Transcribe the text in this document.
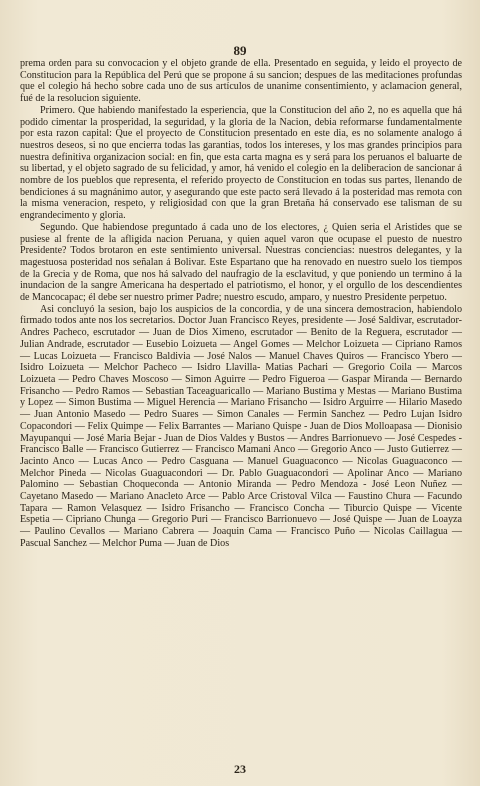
89

prema orden para su convocacion y el objeto grande de ella. Presentado en seguida, y leido el proyecto de Constitucion para la República del Perú que se propone á su sancion; despues de las meditaciones profundas que el colegio há hecho sobre cada uno de sus artículos de unanime consentimiento, y aclamacion general, fué de la resolucion siguiente.

Primero. Que habiendo manifestado la esperiencia, que la Constitucion del año 2, no es aquella que há podido cimentar la prosperidad, la seguridad, y la gloria de la Nacion, debia reformarse fundamentalmente por esta razon capital: Que el proyecto de Constitucion presentado en este dia, es no solamente analogo á nuestros deseos, si no que encierra todas las garantias, todos los intereses, y los mas grandes principios para nuestra definitiva organizacion social: en fin, que esta carta magna es y será para los peruanos el baluarte de su libertad, y el objeto sagrado de su felicidad, y amor, há venido el colegio en la deliberacion de sancionar á nombre de los pueblos que representa, el referido proyecto de Constitucion en todas sus partes, llenando de bendiciones á su magnánimo autor, y asegurando que este pacto será llevado á la posteridad mas remota con la misma veneracion, respeto, y religiosidad con que la gran Bretaña há conservado ese talisman de su engrandecimento y gloria.

Segundo. Que habiendose preguntado á cada uno de los electores, ¿ Quien seria el Aristides que se pusiese al frente de la afligida nacion Peruana, y quien aquel varon que ocupase el puesto de nuestro Presidente? Todos brotaron en este sentimiento universal. Nuestras conciencias: nuestros delegantes, y la magestuosa posteridad nos señalan á Bolivar. Este Espartano que ha renovado en nuestro suelo los tiempos de la Grecia y de Roma, que nos há salvado del naufragio de la esclavitud, y que poniendo un termino á la inundacion de la sangre Americana ha despertado el patriotismo, el honor, y el orgullo de los descendientes de Mancocapac; él debe ser nuestro primer Padre; nuestro escudo, amparo, y nuestro Presidente perpetuo.

Asi concluyó la sesion, bajo los auspicios de la concordia, y de una sincera demostracion, habiendolo firmado todos ante nos los secretarios. Doctor Juan Francisco Reyes, presidente — José Saldivar, escrutador- Andres Pacheco, escrutador — Juan de Dios Ximeno, escrutador — Benito de la Reguera, escrutador — Julian Andrade, escrutador — Eusebio Loizueta — Angel Gomes — Melchor Loizueta — Cipriano Ramos — Lucas Loizueta — Francisco Baldivia — José Nalos — Manuel Chaves Quiros — Francisco Ybero — Isidro Loizueta — Melchor Pacheco — Isidro Llavilla- Matias Pachari — Gregorio Coila — Marcos Loizueta — Pedro Chaves Moscoso — Simon Aguirre — Pedro Figueroa — Gaspar Miranda — Bernardo Frisancho — Pedro Ramos — Sebastian Taceaguaricallo — Mariano Bustima y Mestas — Mariano Bustima y Lopez — Simon Bustima — Miguel Herencia — Mariano Frisancho — Isidro Arguirre — Hilario Masedo — Juan Antonio Masedo — Pedro Suares — Simon Canales — Fermin Sanchez — Pedro Lujan Isidro Copacondori — Felix Quimpe — Felix Barrantes — Mariano Quispe - Juan de Dios Molloapasa — Dionisio Mayupanqui — José Maria Bejar - Juan de Dios Valdes y Bustos — Andres Barrionuevo — José Cespedes - Francisco Balle — Francisco Gutierrez — Francisco Mamani Anco — Gregorio Anco — Justo Gutierrez — Jacinto Anco — Lucas Anco — Pedro Casguana — Manuel Guaguaconco — Nicolas Guaguaconco — Melchor Pineda — Nicolas Guaguacondori — Dr. Pablo Guaguacondori — Apolinar Anco — Mariano Palomino — Sebastian Choqueconda — Antonio Miranda — Pedro Mendoza - José Leon Nuñez — Cayetano Masedo — Mariano Anacleto Arce — Pablo Arce Cristoval Vilca — Faustino Chura — Facundo Tapara — Ramon Velasquez — Isidro Frisancho — Francisco Concha — Tiburcio Quispe — Vicente Espetia — Cipriano Chunga — Gregorio Puri — Francisco Barrionuevo — José Quispe — Juan de Loayza — Paulino Cevallos — Mariano Cabrera — Joaquin Cama — Francisco Puño — Nicolas Caillagua — Pascual Sanchez — Melchor Puma — Juan de Dios

23
